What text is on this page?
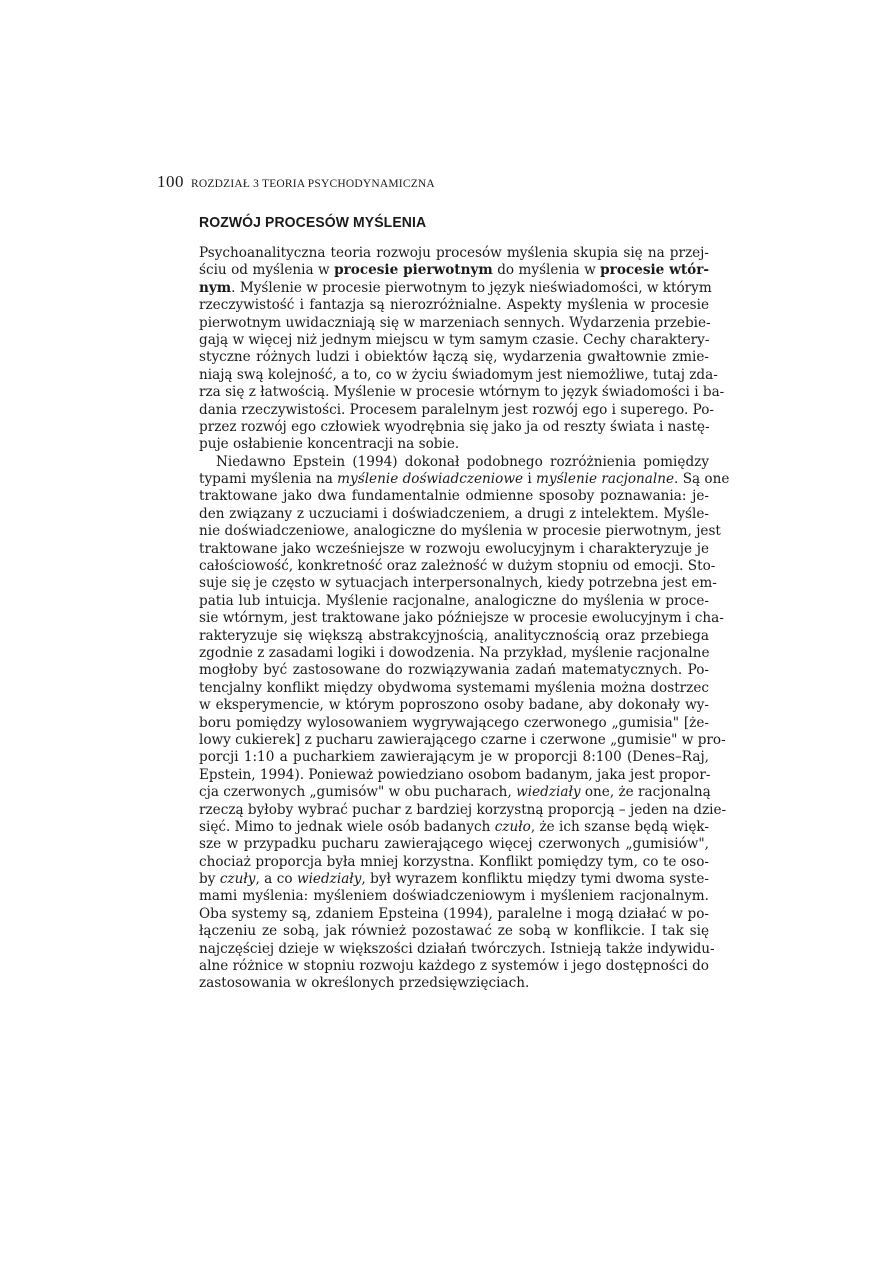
100 ROZDZIAŁ 3 TEORIA PSYCHODYNAMICZNA
ROZWÓJ PROCESÓW MYŚLENIA
Psychoanalityczna teoria rozwoju procesów myślenia skupia się na przej-
ściu od myślenia w procesie pierwotnym do myślenia w procesie wtór-
nym. Myślenie w procesie pierwotnym to język nieświadomości, w którym
rzeczywistość i fantazja są nierozróżnialne. Aspekty myślenia w procesie
pierwotnym uwidaczniają się w marzeniach sennych. Wydarzenia przebie-
gają w więcej niż jednym miejscu w tym samym czasie. Cechy charaktery-
styczne różnych ludzi i obiektów łączą się, wydarzenia gwałtownie zmie-
niają swą kolejność, a to, co w życiu świadomym jest niemożliwe, tutaj zda-
rza się z łatwością. Myślenie w procesie wtórnym to język świadomości i ba-
dania rzeczywistości. Procesem paralelnym jest rozwój ego i superego. Po-
przez rozwój ego człowiek wyodrębnia się jako ja od reszty świata i nastę-
puje osłabienie koncentracji na sobie.
Niedawno Epstein (1994) dokonał podobnego rozróżnienia pomiędzy
typami myślenia na myślenie doświadczeniowe i myślenie racjonalne. Są one
traktowane jako dwa fundamentalnie odmienne sposoby poznawania: je-
den związany z uczuciami i doświadczeniem, a drugi z intelektem. Myśle-
nie doświadczeniowe, analogiczne do myślenia w procesie pierwotnym, jest
traktowane jako wcześniejsze w rozwoju ewolucyjnym i charakteryzuje je
całościowość, konkretność oraz zależność w dużym stopniu od emocji. Sto-
suje się je często w sytuacjach interpersonalnych, kiedy potrzebna jest em-
patia lub intuicja. Myślenie racjonalne, analogiczne do myślenia w proce-
sie wtórnym, jest traktowane jako późniejsze w procesie ewolucyjnym i cha-
rakteryzuje się większą abstrakcyjnością, analitycznością oraz przebiega
zgodnie z zasadami logiki i dowodzenia. Na przykład, myślenie racjonalne
mogłoby być zastosowane do rozwiązywania zadań matematycznych. Po-
tencjalny konflikt między obydwoma systemami myślenia można dostrzec
w eksperymencie, w którym poproszono osoby badane, aby dokonały wy-
boru pomiędzy wylosowaniem wygrywającego czerwonego „gumisia" [że-
lowy cukierek] z pucharu zawierającego czarne i czerwone „gumisie" w pro-
porcji 1:10 a pucharkiem zawierającym je w proporcji 8:100 (Denes–Raj,
Epstein, 1994). Ponieważ powiedziano osobom badanym, jaka jest propor-
cja czerwonych „gumisów" w obu pucharach, wiedziały one, że racjonalną
rzeczą byłoby wybrać puchar z bardziej korzystną proporcją – jeden na dzie-
sięć. Mimo to jednak wiele osób badanych czuło, że ich szanse będą więk-
sze w przypadku pucharu zawierającego więcej czerwonych „gumisiów",
chociaż proporcja była mniej korzystna. Konflikt pomiędzy tym, co te oso-
by czuły, a co wiedziały, był wyrazem konfliktu między tymi dwoma syste-
mami myślenia: myśleniem doświadczeniowym i myśleniem racjonalnym.
Oba systemy są, zdaniem Epsteina (1994), paralelne i mogą działać w po-
łączeniu ze sobą, jak również pozostawać ze sobą w konflikcie. I tak się
najczęściej dzieje w większości działań twórczych. Istnieją także indywidu-
alne różnice w stopniu rozwoju każdego z systemów i jego dostępności do
zastosowania w określonych przedsięwzięciach.
